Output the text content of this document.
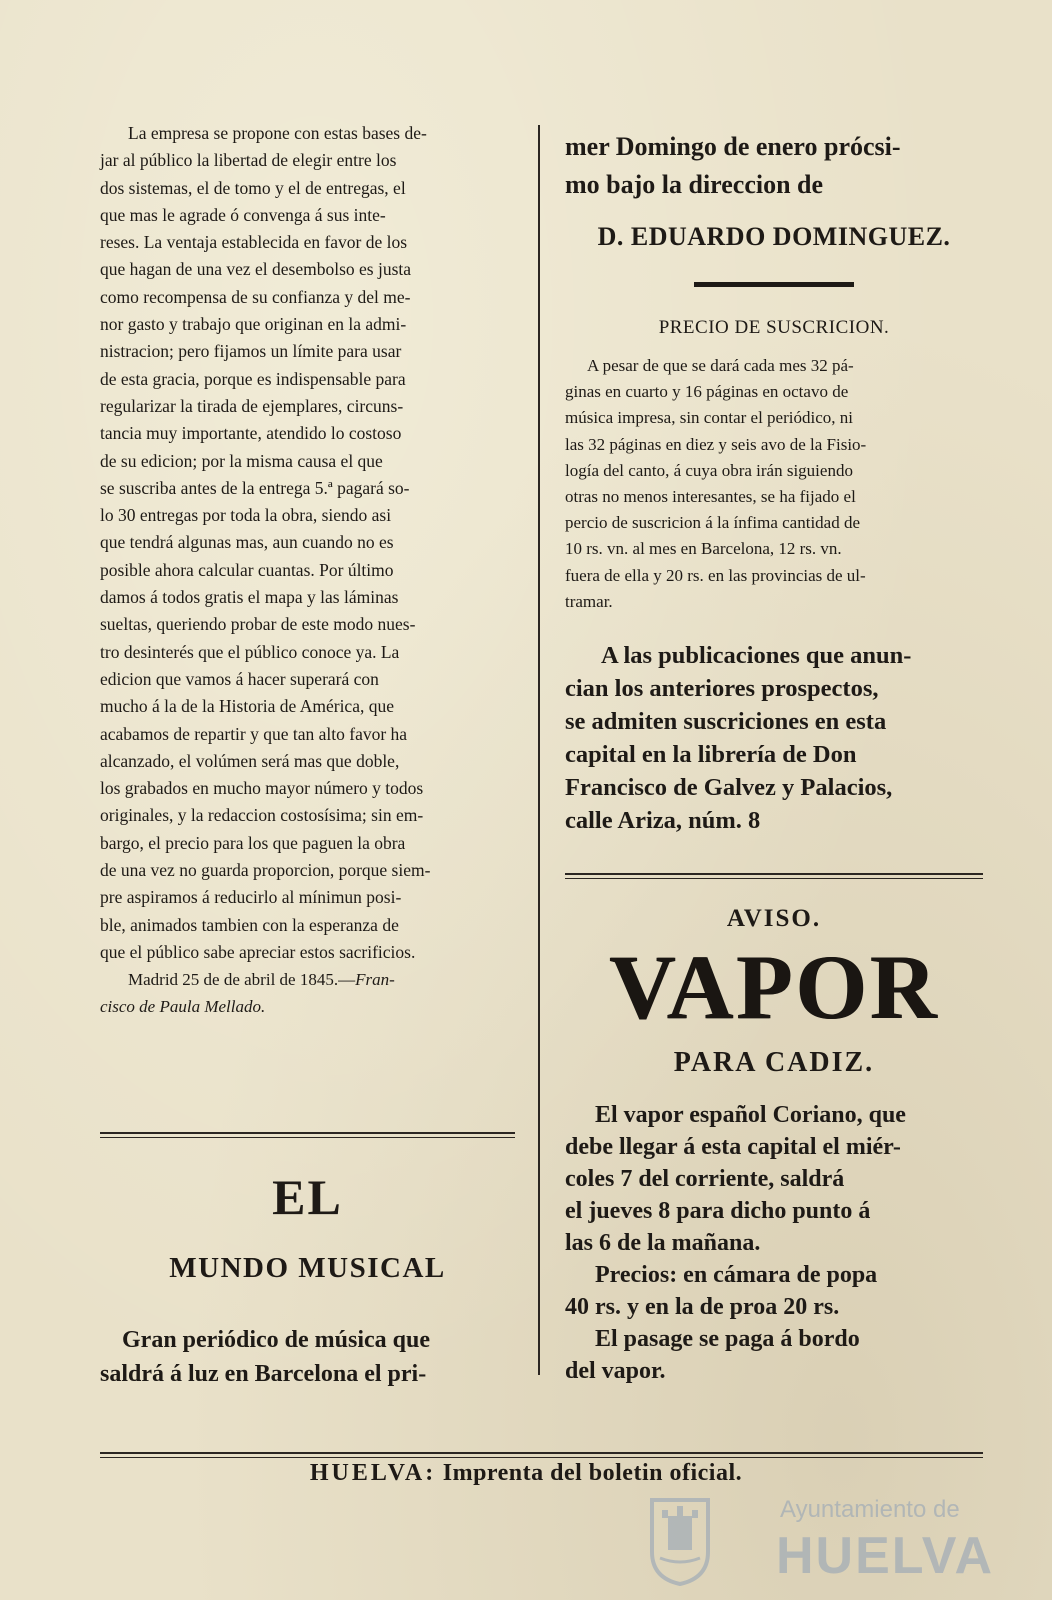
La empresa se propone con estas bases de-

jar al público la libertad de elegir entre los

dos sistemas, el de tomo y el de entregas, el

que mas le agrade ó convenga á sus inte-

reses. La ventaja establecida en favor de los

que hagan de una vez el desembolso es justa

como recompensa de su confianza y del me-

nor gasto y trabajo que originan en la admi-

nistracion; pero fijamos un límite para usar

de esta gracia, porque es indispensable para

regularizar la tirada de ejemplares, circuns-

tancia muy importante, atendido lo costoso

de su edicion; por la misma causa el que

se suscriba antes de la entrega 5.ª pagará so-

lo 30 entregas por toda la obra, siendo asi

que tendrá algunas mas, aun cuando no es

posible ahora calcular cuantas. Por último

damos á todos gratis el mapa y las láminas

sueltas, queriendo probar de este modo nues-

tro desinterés que el público conoce ya. La

edicion que vamos á hacer superará con

mucho á la de la Historia de América, que

acabamos de repartir y que tan alto favor ha

alcanzado, el volúmen será mas que doble,

los grabados en mucho mayor número y todos

originales, y la redaccion costosísima; sin em-

bargo, el precio para los que paguen la obra

de una vez no guarda proporcion, porque siem-

pre aspiramos á reducirlo al mínimun posi-

ble, animados tambien con la esperanza de

que el público sabe apreciar estos sacrificios.

Madrid 25 de de abril de 1845.—Fran-

cisco de Paula Mellado.

EL

MUNDO MUSICAL

Gran periódico de música que

saldrá á luz en Barcelona el pri-

mer Domingo de enero prócsi-

mo bajo la direccion de

D. EDUARDO DOMINGUEZ.

PRECIO DE SUSCRICION.

A pesar de que se dará cada mes 32 pá-

ginas en cuarto y 16 páginas en octavo de

música impresa, sin contar el periódico, ni

las 32 páginas en diez y seis avo de la Fisio-

logía del canto, á cuya obra irán siguiendo

otras no menos interesantes, se ha fijado el

percio de suscricion á la ínfima cantidad de

10 rs. vn. al mes en Barcelona, 12 rs. vn.

fuera de ella y 20 rs. en las provincias de ul-

tramar.

A las publicaciones que anun-

cian los anteriores prospectos,

se admiten suscriciones en esta

capital en la librería de Don

Francisco de Galvez y Palacios,

calle Ariza, núm. 8

AVISO.

VAPOR

PARA CADIZ.

El vapor español Coriano, que

debe llegar á esta capital el miér-

coles 7 del corriente, saldrá

el jueves 8 para dicho punto á

las 6 de la mañana.

Precios: en cámara de popa

40 rs. y en la de proa 20 rs.

El pasage se paga á bordo

del vapor.

HUELVA: Imprenta del boletin oficial.

Ayuntamiento de
HUELVA
